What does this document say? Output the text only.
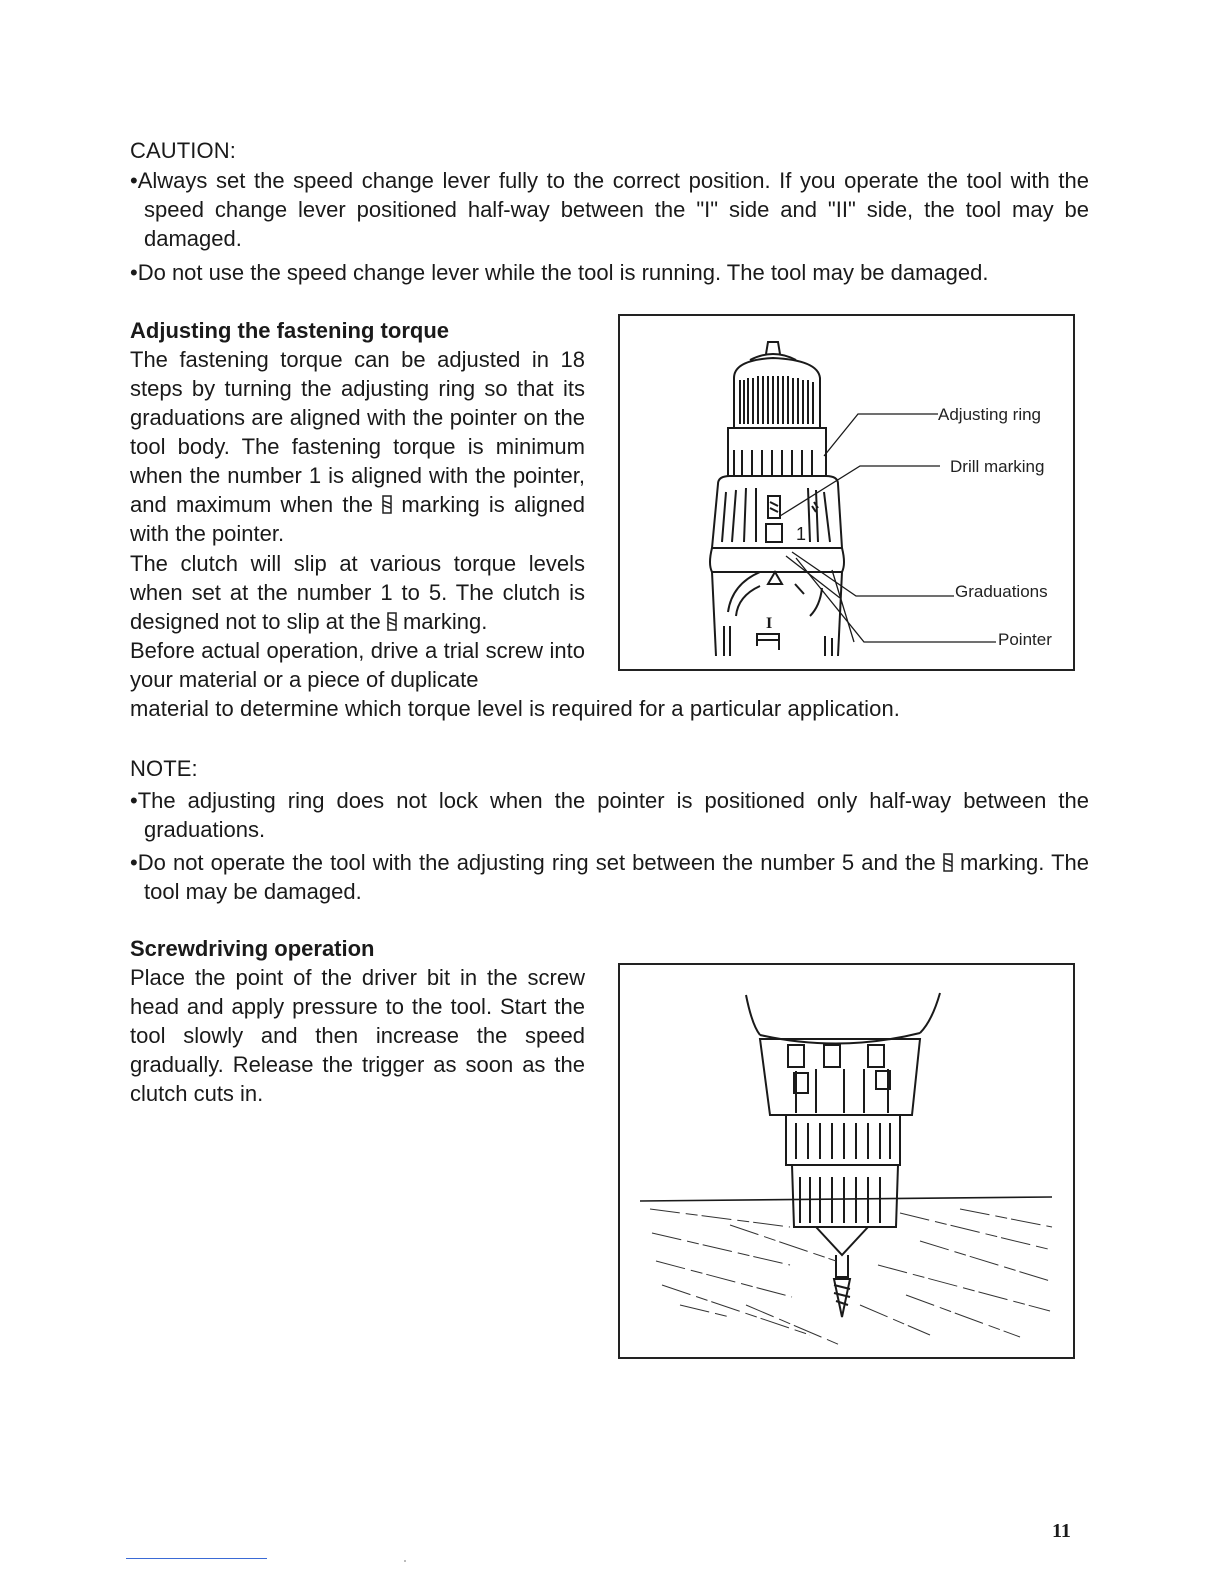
CAUTION:
•Always set the speed change lever fully to the correct position. If you operate the tool with the speed change lever positioned half-way between the "I" side and "II" side, the tool may be damaged.
•Do not use the speed change lever while the tool is running. The tool may be damaged.
Adjusting the fastening torque
The fastening torque can be adjusted in 18 steps by turning the adjusting ring so that its graduations are aligned with the pointer on the tool body. The fastening torque is minimum when the number 1 is aligned with the pointer, and maximum when the  marking is aligned with the pointer.
The clutch will slip at various torque levels when set at the number 1 to 5. The clutch is designed not to slip at the  marking.
Before actual operation, drive a trial screw into your material or a piece of duplicate
material to determine which torque level is required for a particular application.
I
1
Adjusting ring
Drill marking
Graduations
Pointer
NOTE:
•The adjusting ring does not lock when the pointer is positioned only half-way between the graduations.
•Do not operate the tool with the adjusting ring set between the number 5 and the  marking. The tool may be damaged.
Screwdriving operation
Place the point of the driver bit in the screw head and apply pressure to the tool. Start the tool slowly and then increase the speed gradually. Release the trigger as soon as the clutch cuts in.
11
